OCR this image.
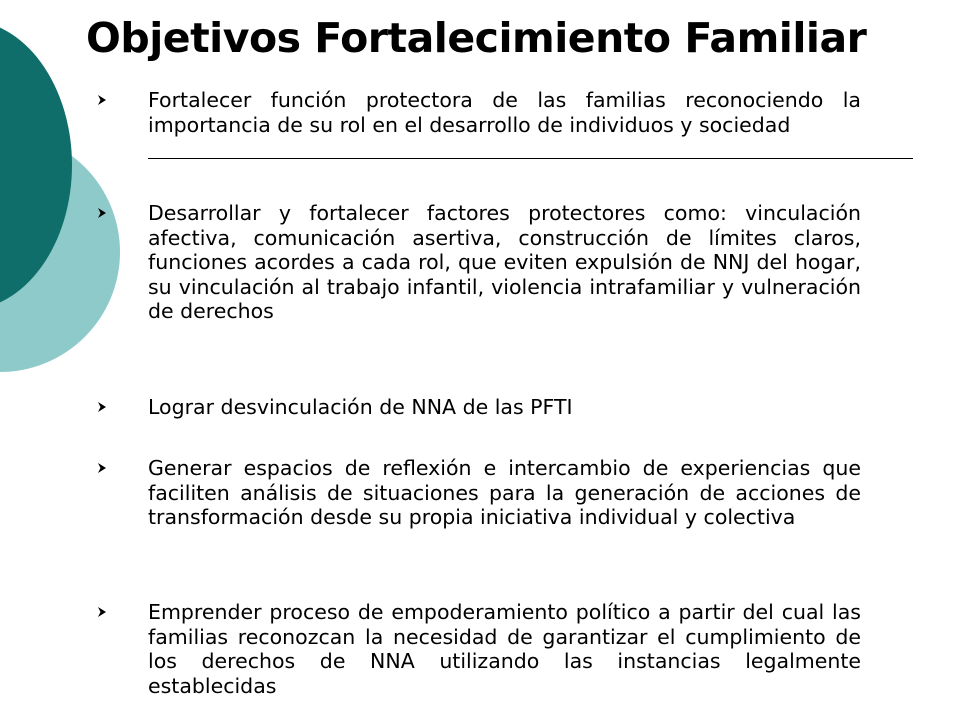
Objetivos Fortalecimiento Familiar
Fortalecer función protectora de las familias reconociendo la importancia de su rol en el desarrollo de individuos y sociedad
Desarrollar y fortalecer factores protectores como: vinculación afectiva, comunicación asertiva, construcción de límites claros, funciones acordes a cada rol, que eviten expulsión de NNJ del hogar, su vinculación al trabajo infantil, violencia intrafamiliar y vulneración de derechos
Lograr desvinculación de NNA de las PFTI
Generar espacios de reflexión e intercambio de experiencias que faciliten análisis de situaciones para la generación de acciones de transformación desde su propia iniciativa individual y colectiva
Emprender proceso de empoderamiento político a partir del cual las familias reconozcan la necesidad de garantizar el cumplimiento de los derechos de NNA utilizando las instancias legalmente establecidas
